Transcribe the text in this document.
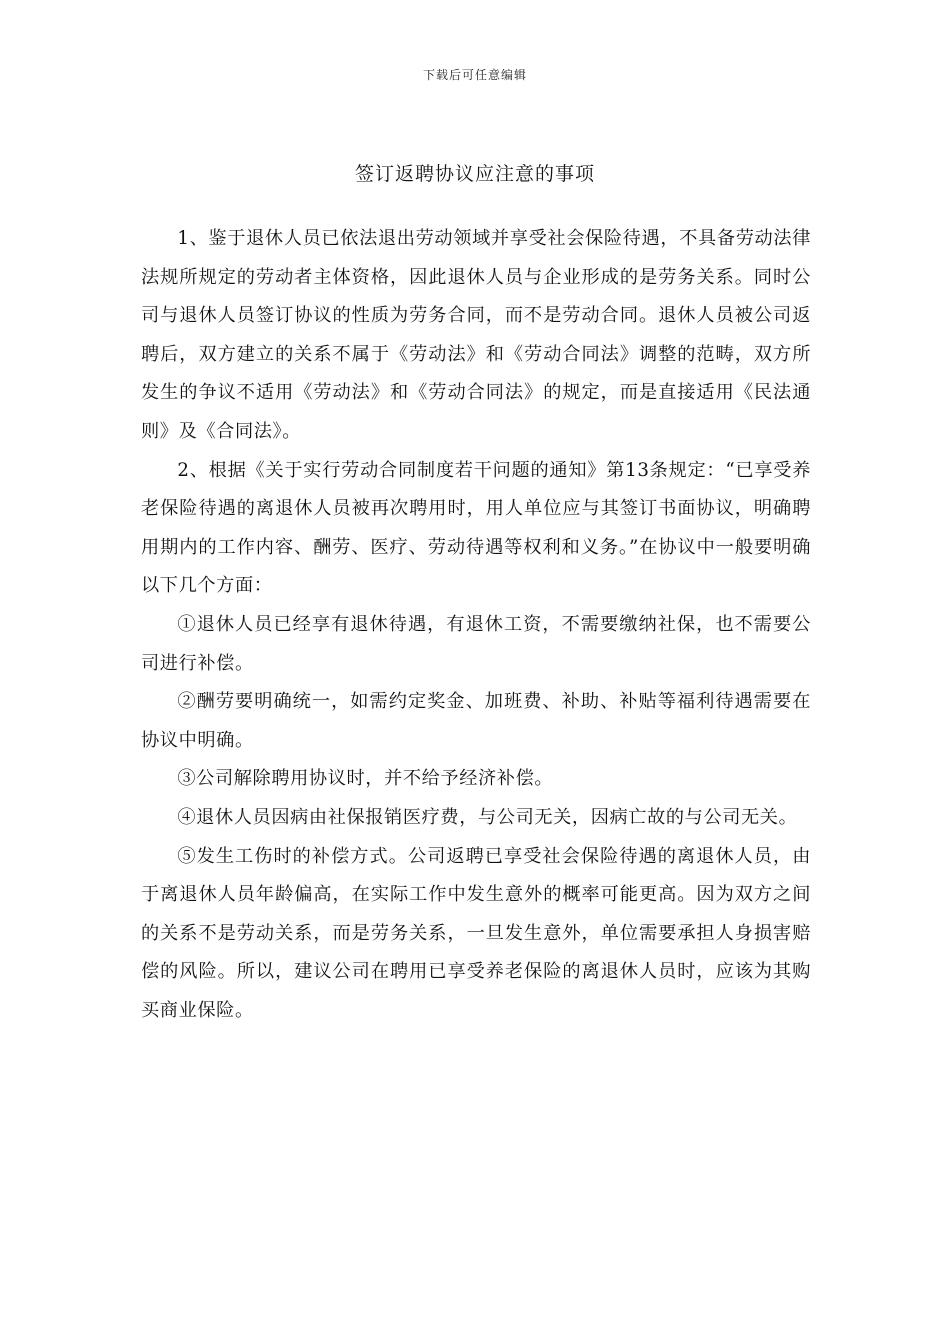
下载后可任意编辑
签订返聘协议应注意的事项

1、鉴于退休人员已依法退出劳动领域并享受社会保险待遇，不具备劳动法律法规所规定的劳动者主体资格，因此退休人员与企业形成的是劳务关系。同时公司与退休人员签订协议的性质为劳务合同，而不是劳动合同。退休人员被公司返聘后，双方建立的关系不属于《劳动法》和《劳动合同法》调整的范畴，双方所发生的争议不适用《劳动法》和《劳动合同法》的规定，而是直接适用《民法通则》及《合同法》。

2、根据《关于实行劳动合同制度若干问题的通知》第13条规定：“已享受养老保险待遇的离退休人员被再次聘用时，用人单位应与其签订书面协议，明确聘用期内的工作内容、酬劳、医疗、劳动待遇等权利和义务。”在协议中一般要明确以下几个方面：

①退休人员已经享有退休待遇，有退休工资，不需要缴纳社保，也不需要公司进行补偿。

②酬劳要明确统一，如需约定奖金、加班费、补助、补贴等福利待遇需要在协议中明确。

③公司解除聘用协议时，并不给予经济补偿。

④退休人员因病由社保报销医疗费，与公司无关，因病亡故的与公司无关。

⑤发生工伤时的补偿方式。公司返聘已享受社会保险待遇的离退休人员，由于离退休人员年龄偏高，在实际工作中发生意外的概率可能更高。因为双方之间的关系不是劳动关系，而是劳务关系，一旦发生意外，单位需要承担人身损害赔偿的风险。所以，建议公司在聘用已享受养老保险的离退休人员时，应该为其购买商业保险。
